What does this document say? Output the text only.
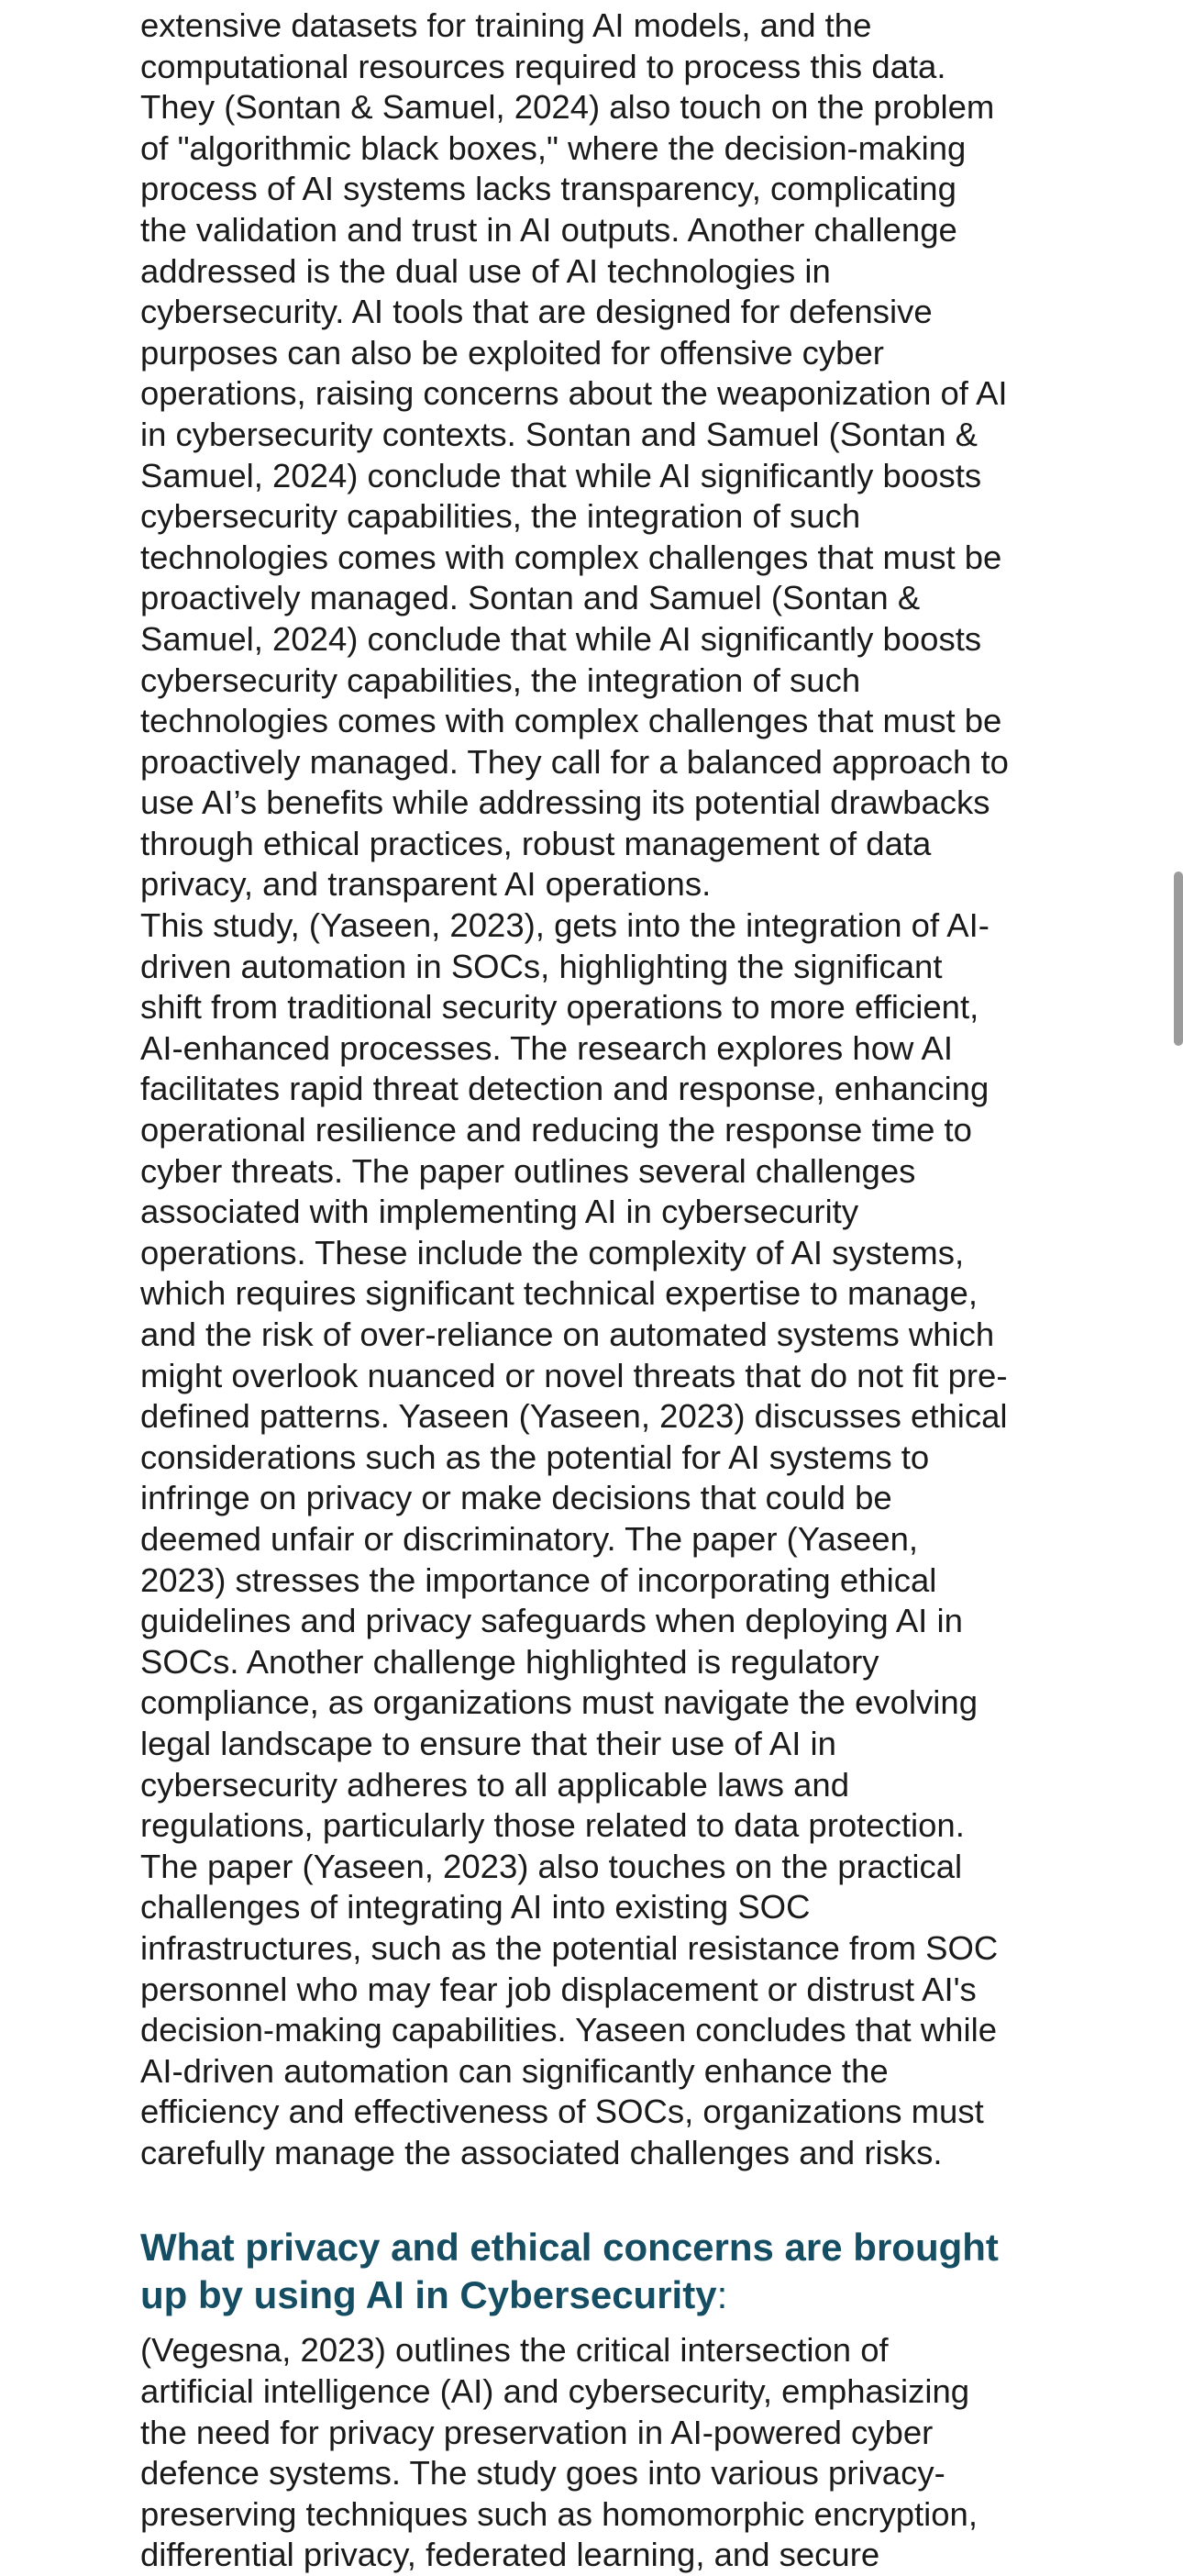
extensive datasets for training AI models, and the
computational resources required to process this data.
They (Sontan & Samuel, 2024) also touch on the problem
of "algorithmic black boxes," where the decision-making
process of AI systems lacks transparency, complicating
the validation and trust in AI outputs. Another challenge
addressed is the dual use of AI technologies in
cybersecurity. AI tools that are designed for defensive
purposes can also be exploited for offensive cyber
operations, raising concerns about the weaponization of AI
in cybersecurity contexts. Sontan and Samuel (Sontan &
Samuel, 2024) conclude that while AI significantly boosts
cybersecurity capabilities, the integration of such
technologies comes with complex challenges that must be
proactively managed. Sontan and Samuel (Sontan &
Samuel, 2024) conclude that while AI significantly boosts
cybersecurity capabilities, the integration of such
technologies comes with complex challenges that must be
proactively managed. They call for a balanced approach to
use AI’s benefits while addressing its potential drawbacks
through ethical practices, robust management of data
privacy, and transparent AI operations.

This study, (Yaseen, 2023), gets into the integration of AI-
driven automation in SOCs, highlighting the significant
shift from traditional security operations to more efficient,
AI-enhanced processes. The research explores how AI
facilitates rapid threat detection and response, enhancing
operational resilience and reducing the response time to
cyber threats. The paper outlines several challenges
associated with implementing AI in cybersecurity
operations. These include the complexity of AI systems,
which requires significant technical expertise to manage,
and the risk of over-reliance on automated systems which
might overlook nuanced or novel threats that do not fit pre-
defined patterns. Yaseen (Yaseen, 2023) discusses ethical
considerations such as the potential for AI systems to
infringe on privacy or make decisions that could be
deemed unfair or discriminatory. The paper (Yaseen,
2023) stresses the importance of incorporating ethical
guidelines and privacy safeguards when deploying AI in
SOCs. Another challenge highlighted is regulatory
compliance, as organizations must navigate the evolving
legal landscape to ensure that their use of AI in
cybersecurity adheres to all applicable laws and
regulations, particularly those related to data protection.
The paper (Yaseen, 2023) also touches on the practical
challenges of integrating AI into existing SOC
infrastructures, such as the potential resistance from SOC
personnel who may fear job displacement or distrust AI's
decision-making capabilities. Yaseen concludes that while
AI-driven automation can significantly enhance the
efficiency and effectiveness of SOCs, organizations must
carefully manage the associated challenges and risks.

What privacy and ethical concerns are brought
up by using AI in Cybersecurity:

(Vegesna, 2023) outlines the critical intersection of
artificial intelligence (AI) and cybersecurity, emphasizing
the need for privacy preservation in AI-powered cyber
defence systems. The study goes into various privacy-
preserving techniques such as homomorphic encryption,
differential privacy, federated learning, and secure
